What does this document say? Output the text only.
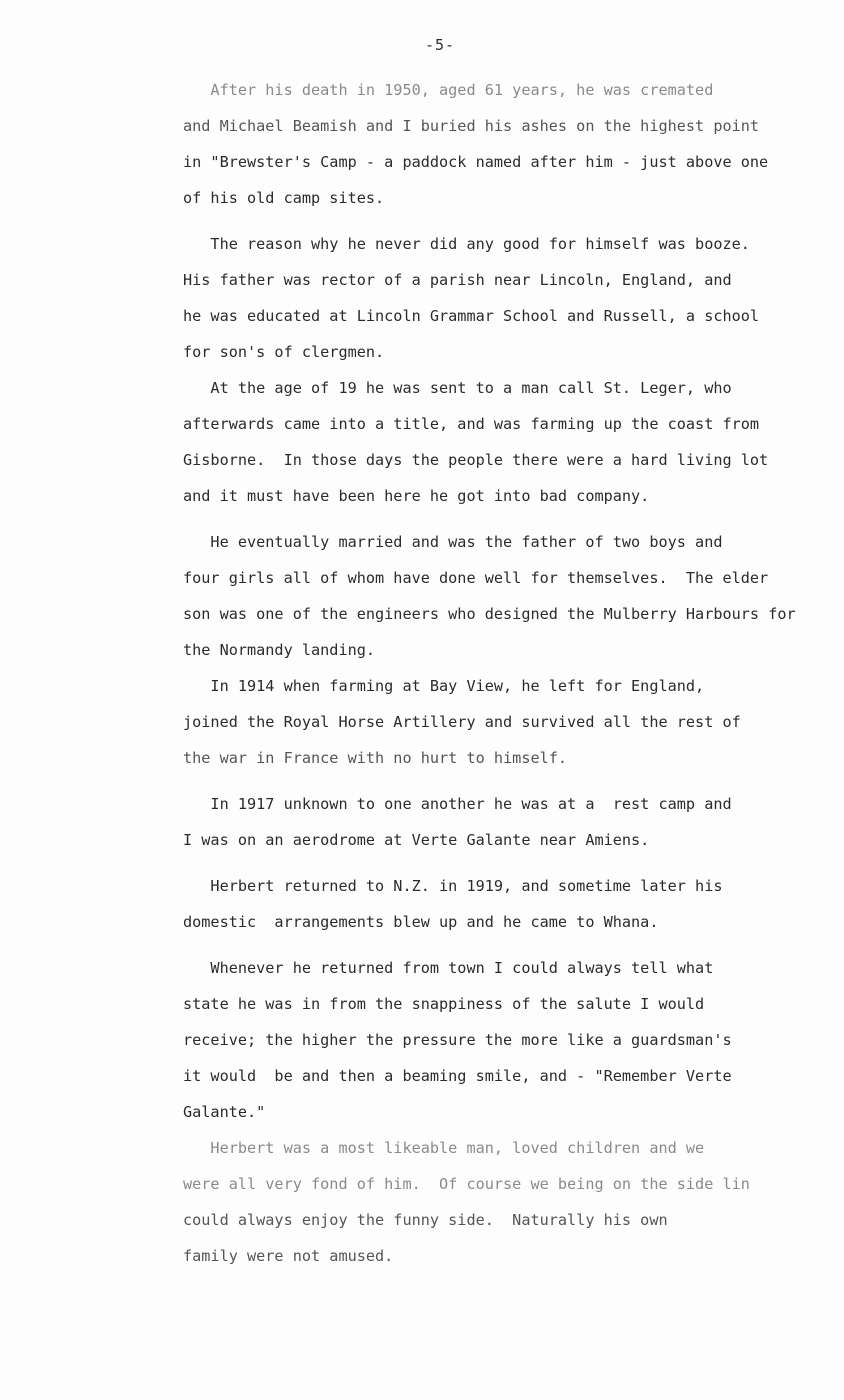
-5-
After his death in 1950, aged 61 years, he was cremated
and Michael Beamish and I buried his ashes on the highest point
in "Brewster's Camp - a paddock named after him - just above one
of his old camp sites.
The reason why he never did any good for himself was booze.
His father was rector of a parish near Lincoln, England, and
he was educated at Lincoln Grammar School and Russell, a school
for son's of clergmen.
At the age of 19 he was sent to a man call St. Leger, who
afterwards came into a title, and was farming up the coast from
Gisborne.  In those days the people there were a hard living lot
and it must have been here he got into bad company.
He eventually married and was the father of two boys and
four girls all of whom have done well for themselves.  The elder
son was one of the engineers who designed the Mulberry Harbours for
the Normandy landing.
In 1914 when farming at Bay View, he left for England,
joined the Royal Horse Artillery and survived all the rest of
the war in France with no hurt to himself.
In 1917 unknown to one another he was at a  rest camp and
I was on an aerodrome at Verte Galante near Amiens.
Herbert returned to N.Z. in 1919, and sometime later his
domestic  arrangements blew up and he came to Whana.
Whenever he returned from town I could always tell what
state he was in from the snappiness of the salute I would
receive; the higher the pressure the more like a guardsman's
it would  be and then a beaming smile, and - "Remember Verte
Galante."
Herbert was a most likeable man, loved children and we
were all very fond of him.  Of course we being on the side lin
could always enjoy the funny side.  Naturally his own
family were not amused.
